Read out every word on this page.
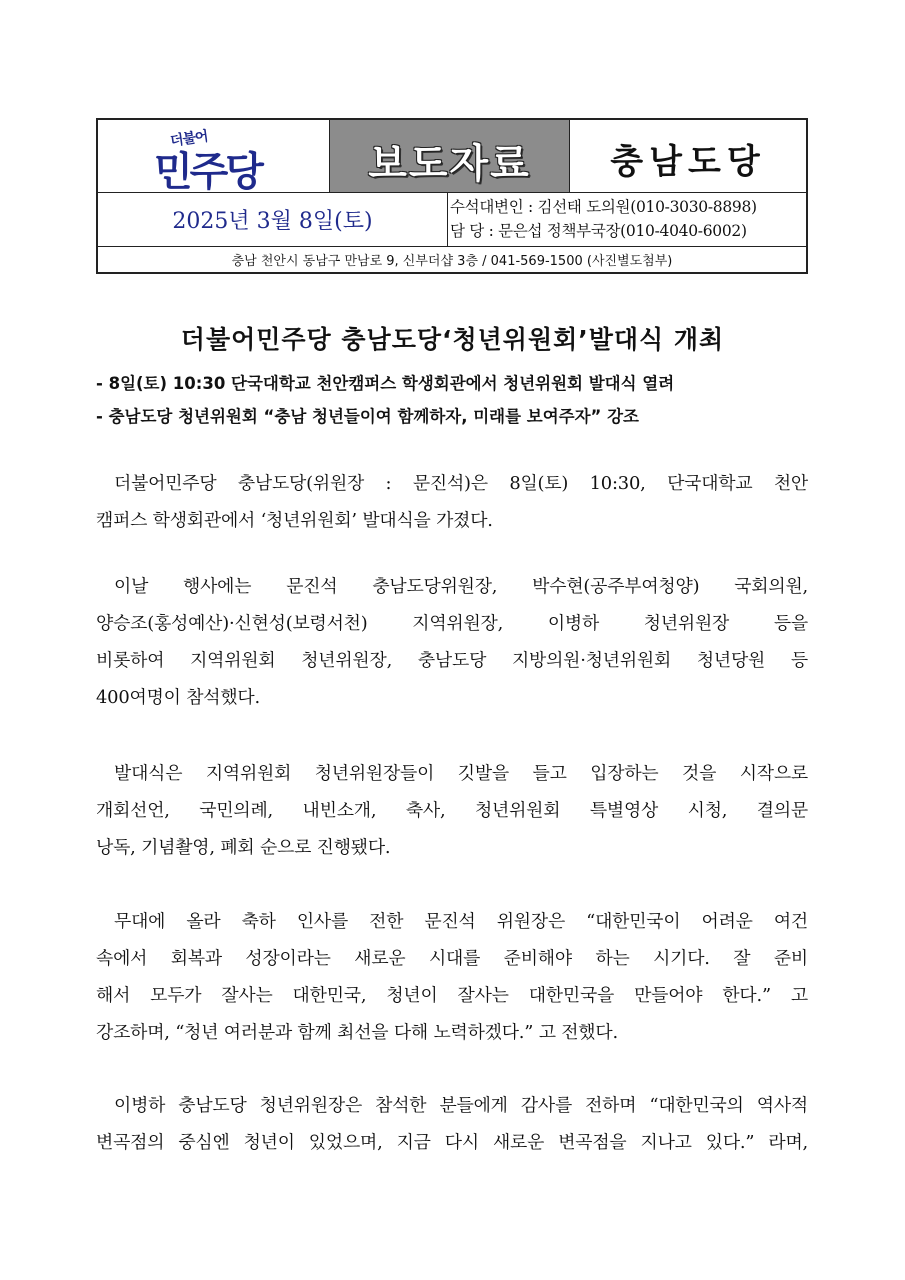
더불어
민주당	보도자료	충남도당
2025년 3월 8일(토)
수석대변인 : 김선태 도의원(010-3030-8898)
담 당 : 문은섭 정책부국장(010-4040-6002)
충남 천안시 동남구 만남로 9, 신부더샵 3층 / 041-569-1500 (사진별도첨부)
더불어민주당 충남도당‘청년위원회’발대식 개최
- 8일(토) 10:30 단국대학교 천안캠퍼스 학생회관에서 청년위원회 발대식 열려
- 충남도당 청년위원회 “충남 청년들이여 함께하자, 미래를 보여주자” 강조
더불어민주당 충남도당(위원장 : 문진석)은 8일(토) 10:30, 단국대학교 천안
캠퍼스 학생회관에서 ‘청년위원회’ 발대식을 가졌다.
이날 행사에는 문진석 충남도당위원장, 박수현(공주부여청양) 국회의원,
양승조(홍성예산)·신현성(보령서천) 지역위원장, 이병하 청년위원장 등을
비롯하여 지역위원회 청년위원장, 충남도당 지방의원·청년위원회 청년당원 등
400여명이 참석했다.
발대식은 지역위원회 청년위원장들이 깃발을 들고 입장하는 것을 시작으로
개회선언, 국민의례, 내빈소개, 축사, 청년위원회 특별영상 시청, 결의문
낭독, 기념촬영, 폐회 순으로 진행됐다.
무대에 올라 축하 인사를 전한 문진석 위원장은 “대한민국이 어려운 여건
속에서 회복과 성장이라는 새로운 시대를 준비해야 하는 시기다. 잘 준비
해서 모두가 잘사는 대한민국, 청년이 잘사는 대한민국을 만들어야 한다.” 고
강조하며, “청년 여러분과 함께 최선을 다해 노력하겠다.” 고 전했다.
이병하 충남도당 청년위원장은 참석한 분들에게 감사를 전하며 “대한민국의 역사적
변곡점의 중심엔 청년이 있었으며, 지금 다시 새로운 변곡점을 지나고 있다.” 라며,
